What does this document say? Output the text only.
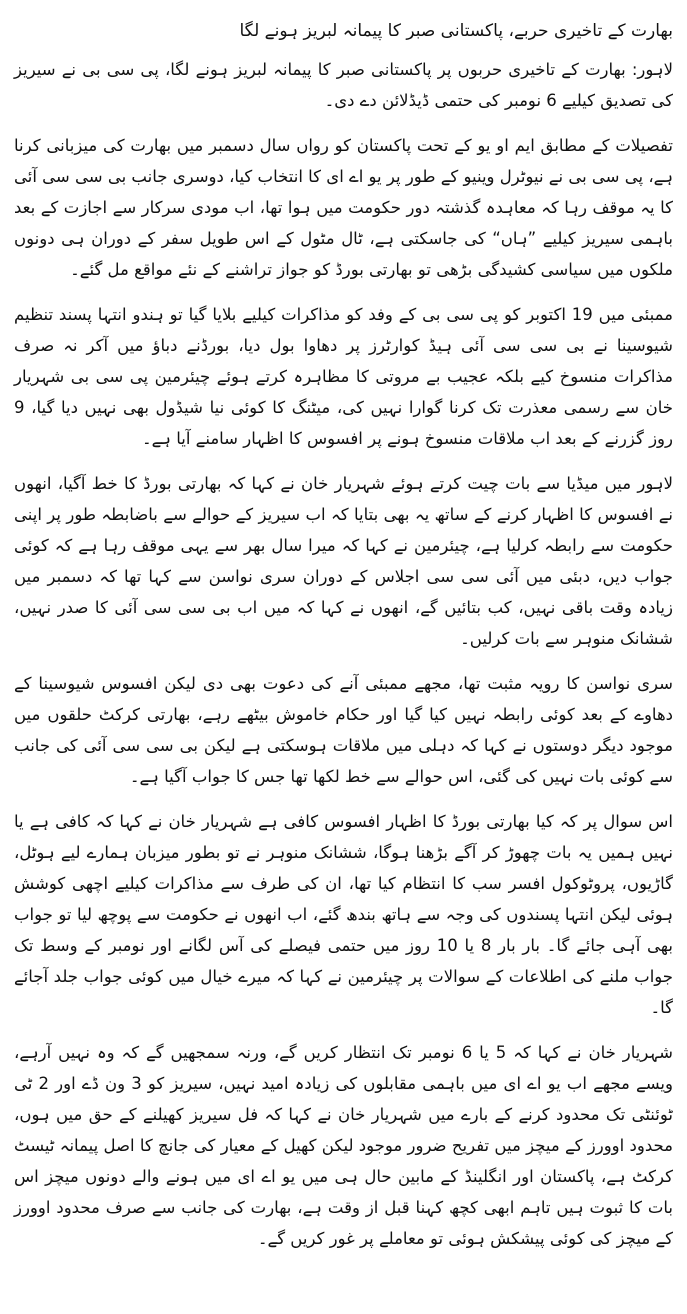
بھارت کے تاخیری حربے، پاکستانی صبر کا پیمانہ لبریز ہونے لگا

لاہور: بھارت کے تاخیری حربوں پر پاکستانی صبر کا پیمانہ لبریز ہونے لگا، پی سی بی نے سیریز کی تصدیق کیلیے 6 نومبر کی حتمی ڈیڈلائن دے دی۔

تفصیلات کے مطابق ایم او یو کے تحت پاکستان کو رواں سال دسمبر میں بھارت کی میزبانی کرنا ہے، پی سی بی نے نیوٹرل وینیو کے طور پر یو اے ای کا انتخاب کیا، دوسری جانب بی سی سی آئی کا یہ موقف رہا کہ معاہدہ گذشتہ دور حکومت میں ہوا تھا، اب مودی سرکار سے اجازت کے بعد باہمی سیریز کیلیے ”ہاں“ کی جاسکتی ہے، ٹال مٹول کے اس طویل سفر کے دوران ہی دونوں ملکوں میں سیاسی کشیدگی بڑھی تو بھارتی بورڈ کو جواز تراشنے کے نئے مواقع مل گئے۔

ممبئی میں 19 اکتوبر کو پی سی بی کے وفد کو مذاکرات کیلیے بلایا گیا تو ہندو انتہا پسند تنظیم شیوسینا نے بی سی سی آئی ہیڈ کوارٹرز پر دھاوا بول دیا، بورڈنے دباؤ میں آکر نہ صرف مذاکرات منسوخ کیے بلکہ عجیب بے مروتی کا مظاہرہ کرتے ہوئے چیئرمین پی سی بی شہریار خان سے رسمی معذرت تک کرنا گوارا نہیں کی، میٹنگ کا کوئی نیا شیڈول بھی نہیں دیا گیا، 9 روز گزرنے کے بعد اب ملاقات منسوخ ہونے پر افسوس کا اظہار سامنے آیا ہے۔

لاہور میں میڈیا سے بات چیت کرتے ہوئے شہریار خان نے کہا کہ بھارتی بورڈ کا خط آگیا، انھوں نے افسوس کا اظہار کرنے کے ساتھ یہ بھی بتایا کہ اب سیریز کے حوالے سے باضابطہ طور پر اپنی حکومت سے رابطہ کرلیا ہے، چیئرمین نے کہا کہ میرا سال بھر سے یہی موقف رہا ہے کہ کوئی جواب دیں، دبئی میں آئی سی سی اجلاس کے دوران سری نواسن سے کہا تھا کہ دسمبر میں زیادہ وقت باقی نہیں، کب بتائیں گے، انھوں نے کہا کہ میں اب بی سی سی آئی کا صدر نہیں، ششانک منوہر سے بات کرلیں۔

سری نواسن کا رویہ مثبت تھا، مجھے ممبئی آنے کی دعوت بھی دی لیکن افسوس شیوسینا کے دھاوے کے بعد کوئی رابطہ نہیں کیا گیا اور حکام خاموش بیٹھے رہے، بھارتی کرکٹ حلقوں میں موجود دیگر دوستوں نے کہا کہ دہلی میں ملاقات ہوسکتی ہے لیکن بی سی سی آئی کی جانب سے کوئی بات نہیں کی گئی، اس حوالے سے خط لکھا تھا جس کا جواب آگیا ہے۔

اس سوال پر کہ کیا بھارتی بورڈ کا اظہار افسوس کافی ہے شہریار خان نے کہا کہ کافی ہے یا نہیں ہمیں یہ بات چھوڑ کر آگے بڑھنا ہوگا، ششانک منوہر نے تو بطور میزبان ہمارے لیے ہوٹل، گاڑیوں، پروٹوکول افسر سب کا انتظام کیا تھا، ان کی طرف سے مذاکرات کیلیے اچھی کوشش ہوئی لیکن انتہا پسندوں کی وجہ سے ہاتھ بندھ گئے، اب انھوں نے حکومت سے پوچھ لیا تو جواب بھی آہی جائے گا۔ بار بار 8 یا 10 روز میں حتمی فیصلے کی آس لگانے اور نومبر کے وسط تک جواب ملنے کی اطلاعات کے سوالات پر چیئرمین نے کہا کہ میرے خیال میں کوئی جواب جلد آجائے گا۔

شہریار خان نے کہا کہ 5 یا 6 نومبر تک انتظار کریں گے، ورنہ سمجھیں گے کہ وہ نہیں آرہے، ویسے مجھے اب یو اے ای میں باہمی مقابلوں کی زیادہ امید نہیں، سیریز کو 3 ون ڈے اور 2 ٹی ٹوئنٹی تک محدود کرنے کے بارے میں شہریار خان نے کہا کہ فل سیریز کھیلنے کے حق میں ہوں، محدود اوورز کے میچز میں تفریح ضرور موجود لیکن کھیل کے معیار کی جانچ کا اصل پیمانہ ٹیسٹ کرکٹ ہے، پاکستان اور انگلینڈ کے مابین حال ہی میں یو اے ای میں ہونے والے دونوں میچز اس بات کا ثبوت ہیں تاہم ابھی کچھ کہنا قبل از وقت ہے، بھارت کی جانب سے صرف محدود اوورز کے میچز کی کوئی پیشکش ہوئی تو معاملے پر غور کریں گے۔
